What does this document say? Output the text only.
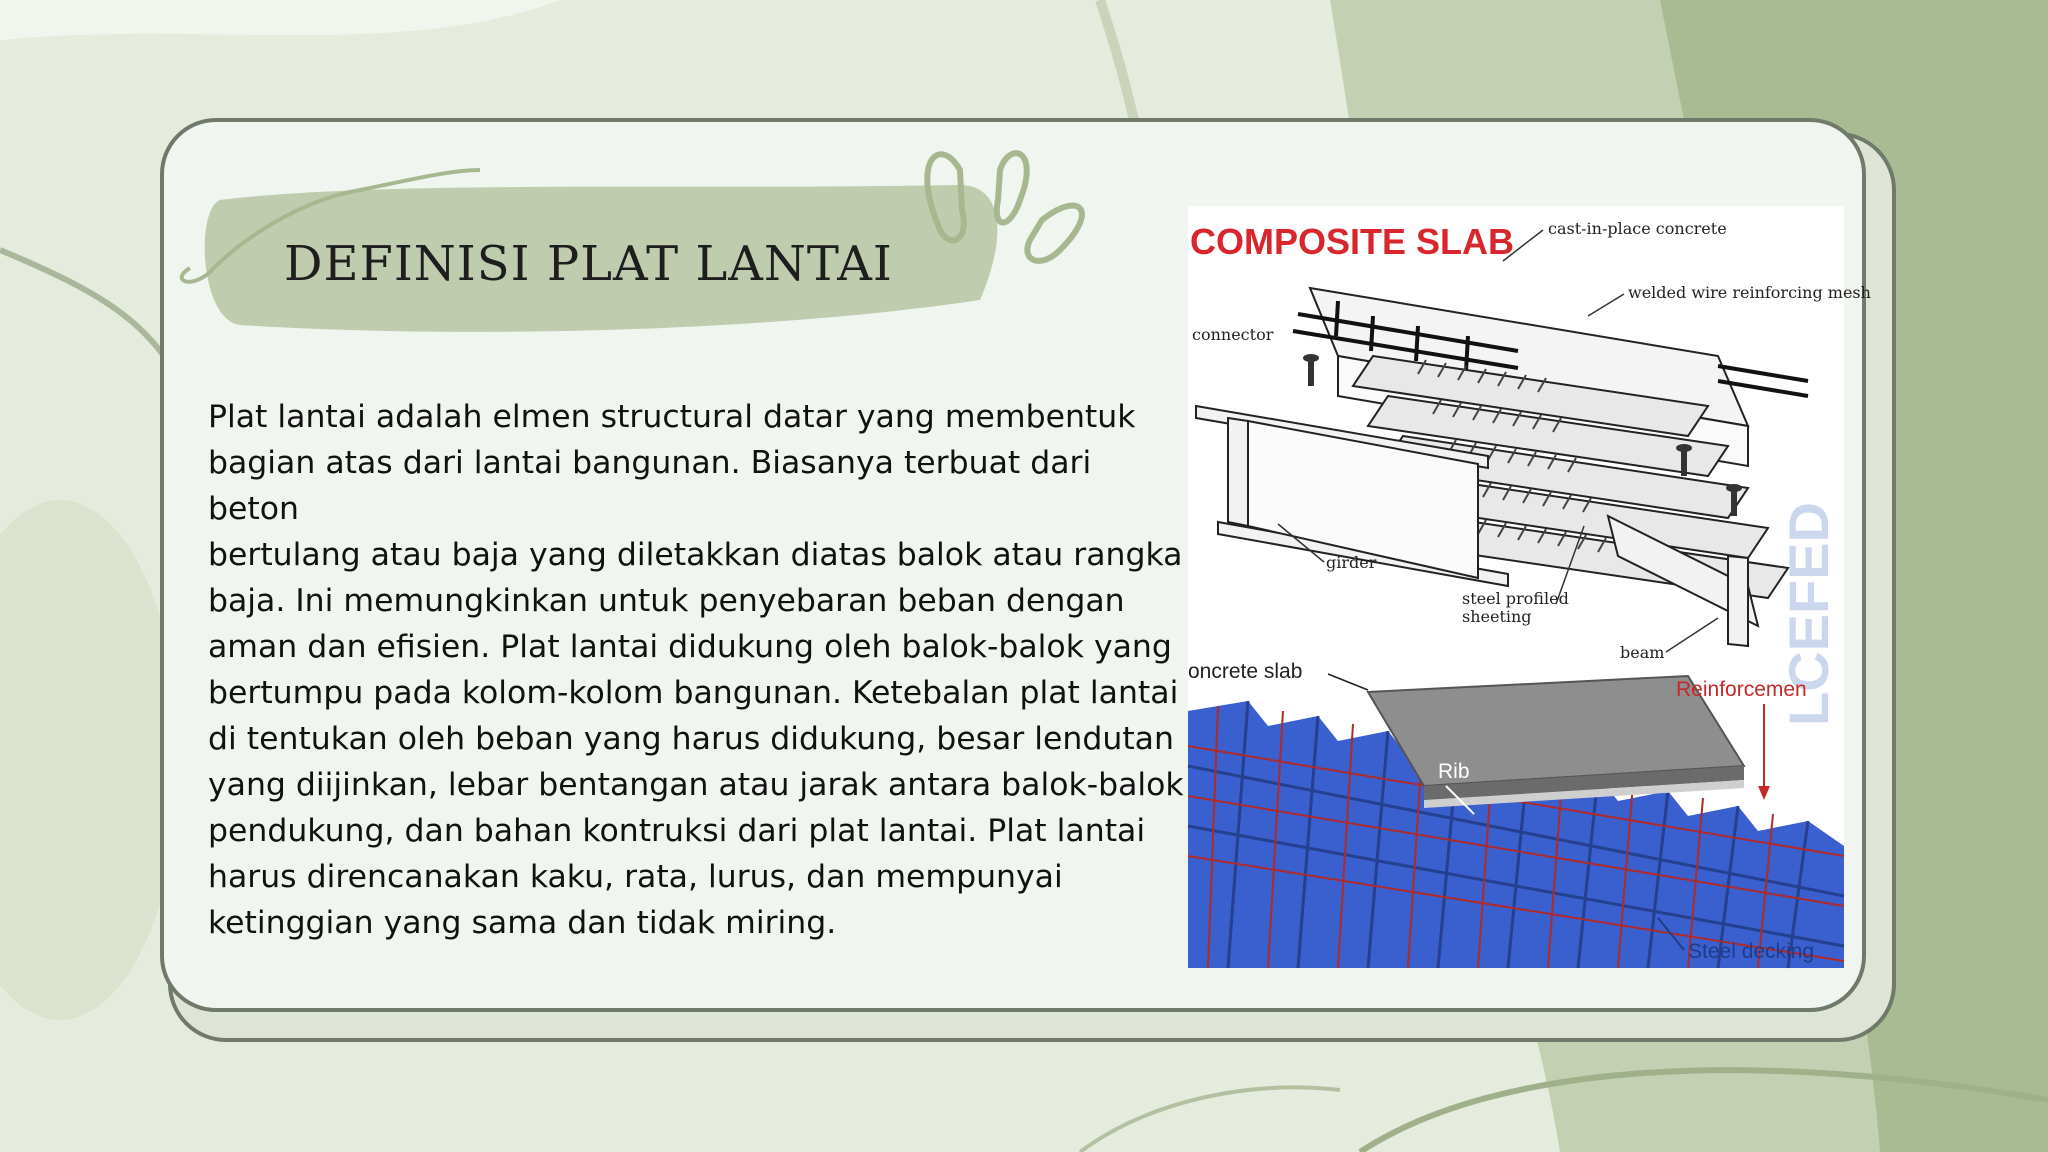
DEFINISI PLAT LANTAI

Plat lantai adalah elmen structural datar yang membentuk
bagian atas dari lantai bangunan. Biasanya terbuat dari beton
bertulang atau baja yang diletakkan diatas balok atau rangka
baja. Ini memungkinkan untuk penyebaran beban dengan
aman dan efisien. Plat lantai didukung oleh balok-balok yang
bertumpu pada kolom-kolom bangunan. Ketebalan plat lantai
di tentukan oleh beban yang harus didukung, besar lendutan
yang diijinkan, lebar bentangan atau jarak antara balok-balok
pendukung, dan bahan kontruksi dari plat lantai. Plat lantai
harus direncanakan kaku, rata, lurus, dan mempunyai
ketinggian yang sama dan tidak miring.

COMPOSITE SLAB cast-in-place concrete
welded wire reinforcing mesh
connector
girder
steel profiled
sheeting
beam LCEFED
oncrete slab
Reinforcemen
Rib
Steel decking
